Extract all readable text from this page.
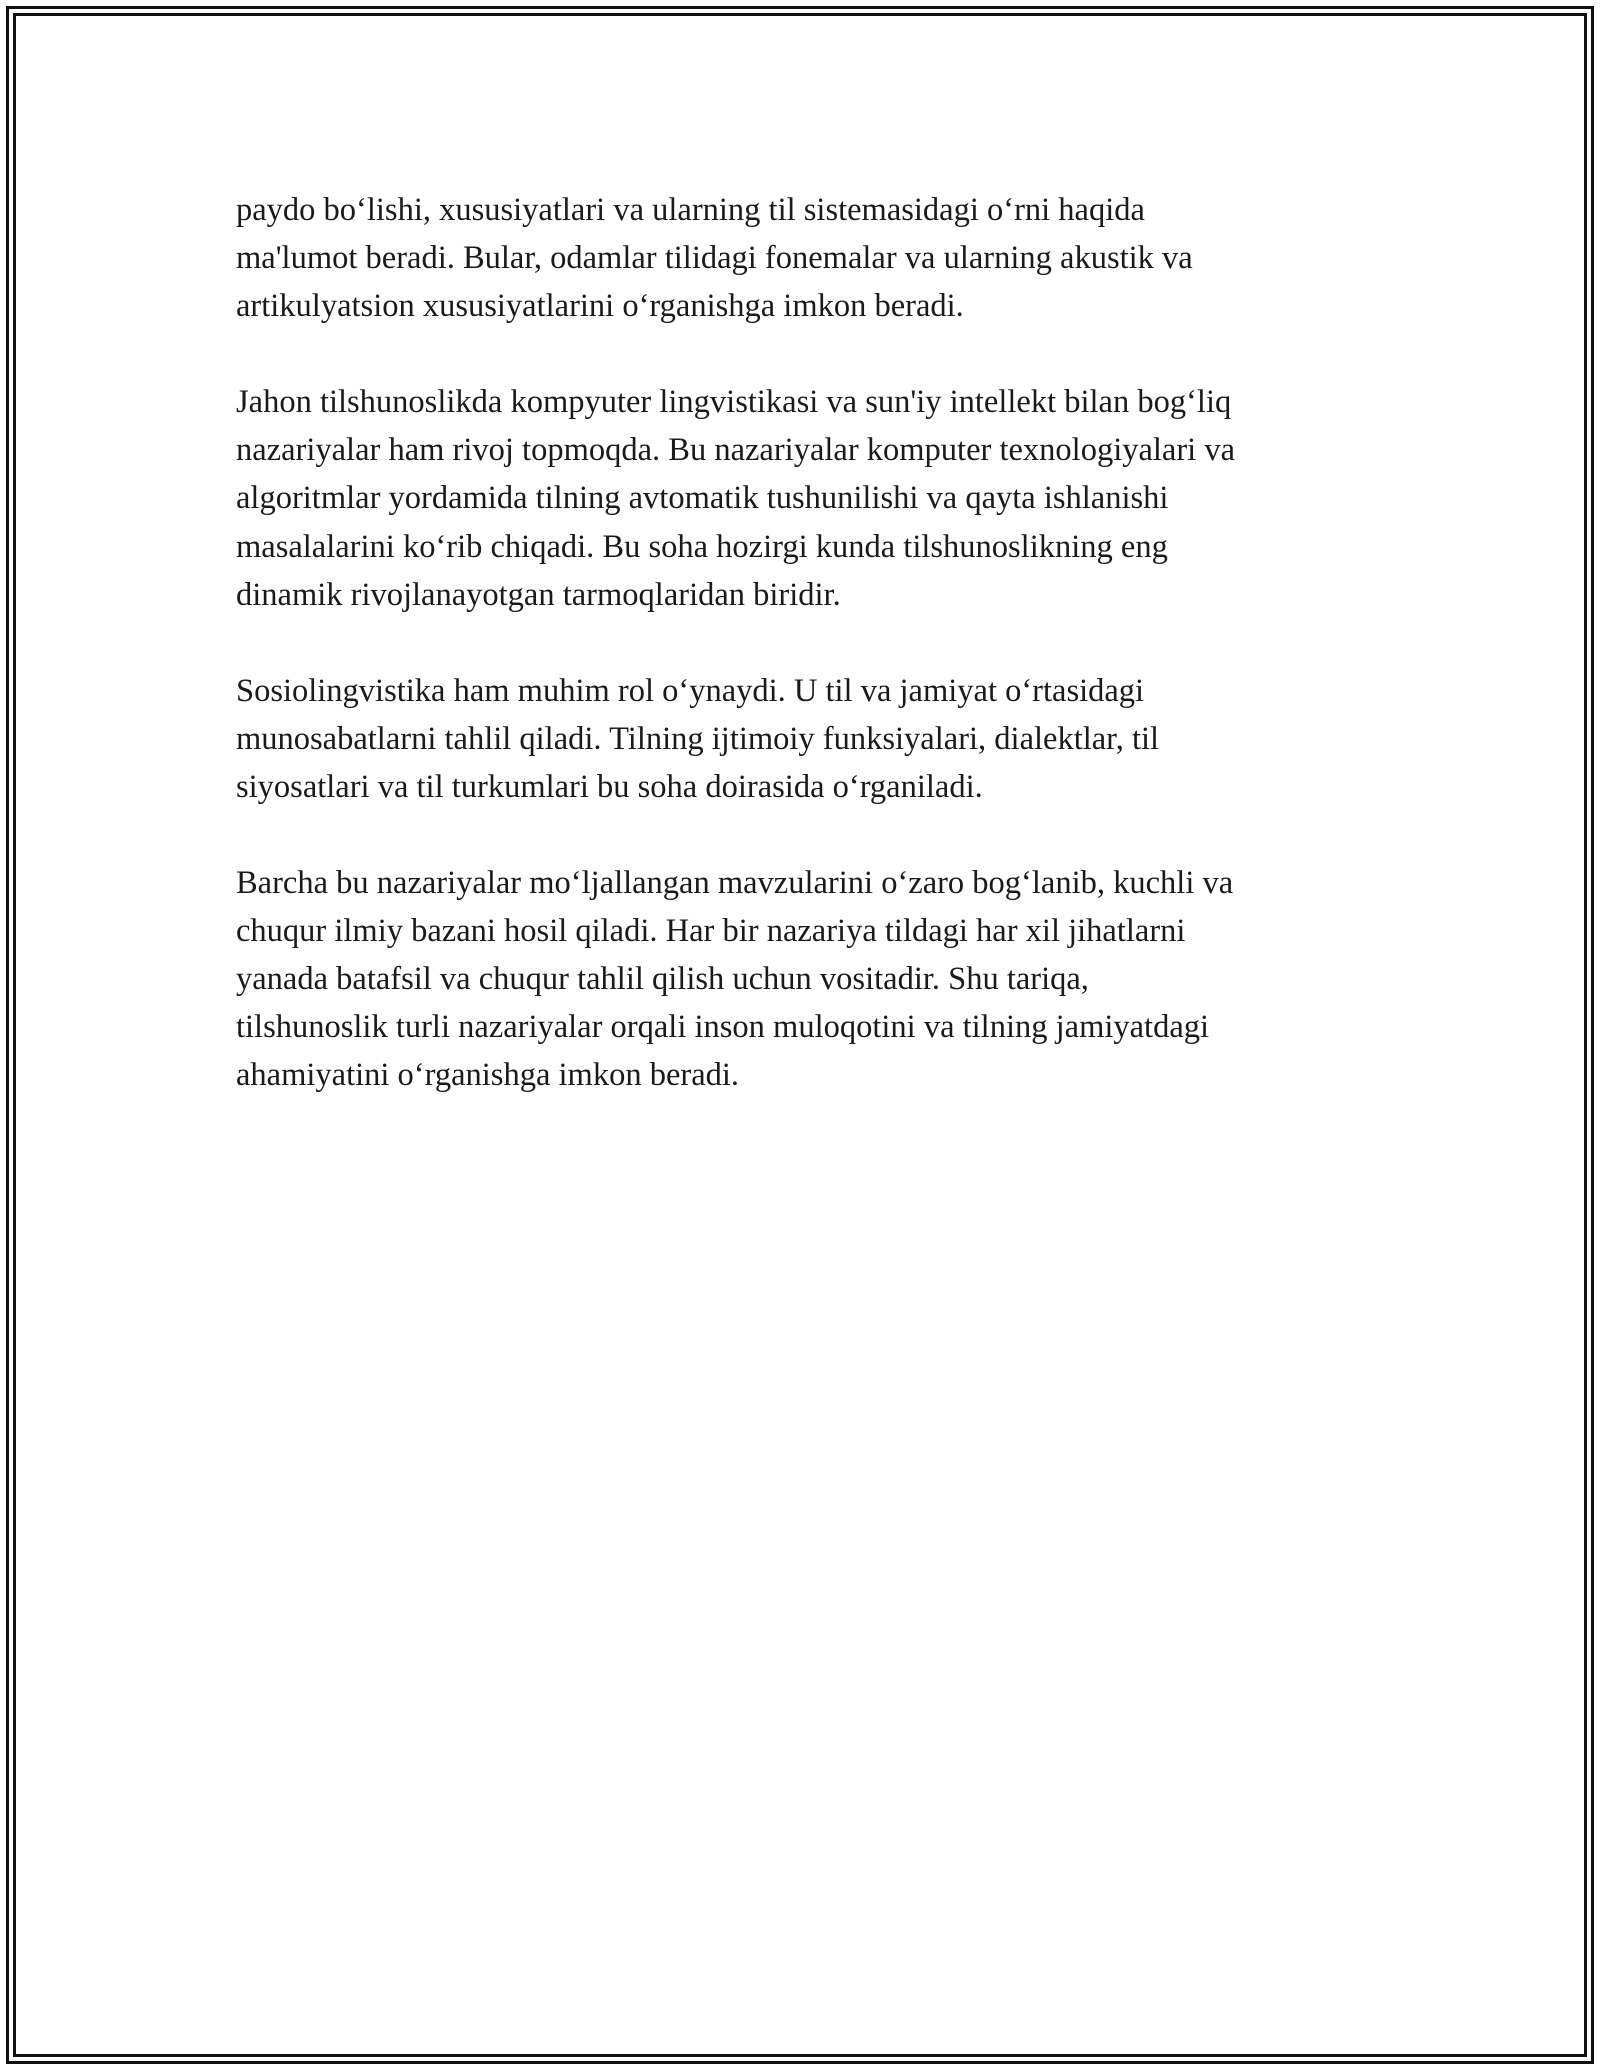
paydo bo‘lishi, xususiyatlari va ularning til sistemasidagi o‘rni haqida
ma'lumot beradi. Bular, odamlar tilidagi fonemalar va ularning akustik va
artikulyatsion xususiyatlarini o‘rganishga imkon beradi.

Jahon tilshunoslikda kompyuter lingvistikasi va sun'iy intellekt bilan bog‘liq
nazariyalar ham rivoj topmoqda. Bu nazariyalar komputer texnologiyalari va
algoritmlar yordamida tilning avtomatik tushunilishi va qayta ishlanishi
masalalarini ko‘rib chiqadi. Bu soha hozirgi kunda tilshunoslikning eng
dinamik rivojlanayotgan tarmoqlaridan biridir.

Sosiolingvistika ham muhim rol o‘ynaydi. U til va jamiyat o‘rtasidagi
munosabatlarni tahlil qiladi. Tilning ijtimoiy funksiyalari, dialektlar, til
siyosatlari va til turkumlari bu soha doirasida o‘rganiladi.

Barcha bu nazariyalar mo‘ljallangan mavzularini o‘zaro bog‘lanib, kuchli va
chuqur ilmiy bazani hosil qiladi. Har bir nazariya tildagi har xil jihatlarni
yanada batafsil va chuqur tahlil qilish uchun vositadir. Shu tariqa,
tilshunoslik turli nazariyalar orqali inson muloqotini va tilning jamiyatdagi
ahamiyatini o‘rganishga imkon beradi.
